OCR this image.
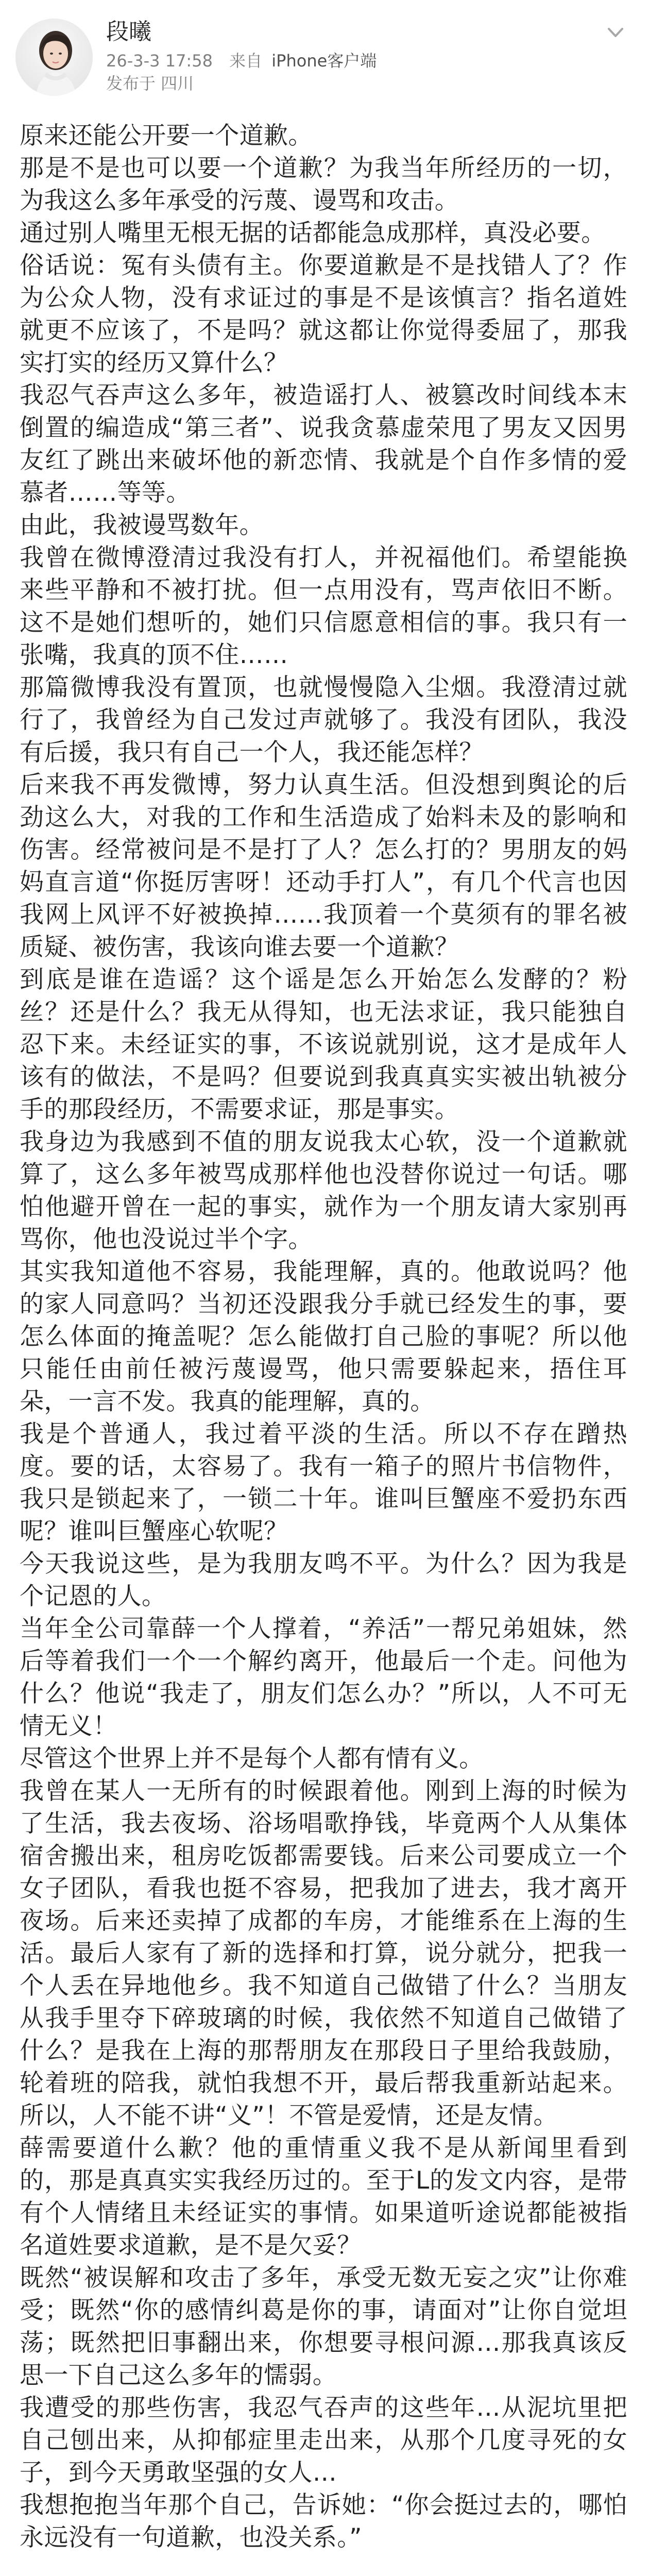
段曦
26-3-3 17:58 来自 iPhone客户端
发布于 四川

原来还能公开要一个道歉。

那是不是也可以要一个道歉？为我当年所经历的一切，为我这么多年承受的污蔑、谩骂和攻击。

通过别人嘴里无根无据的话都能急成那样，真没必要。

俗话说：冤有头债有主。你要道歉是不是找错人了？作为公众人物，没有求证过的事是不是该慎言？指名道姓就更不应该了，不是吗？就这都让你觉得委屈了，那我实打实的经历又算什么？

我忍气吞声这么多年，被造谣打人、被篡改时间线本末倒置的编造成“第三者”、说我贪慕虚荣甩了男友又因男友红了跳出来破坏他的新恋情、我就是个自作多情的爱慕者……等等。

由此，我被谩骂数年。

我曾在微博澄清过我没有打人，并祝福他们。希望能换来些平静和不被打扰。但一点用没有，骂声依旧不断。这不是她们想听的，她们只信愿意相信的事。我只有一张嘴，我真的顶不住……

那篇微博我没有置顶，也就慢慢隐入尘烟。我澄清过就行了，我曾经为自己发过声就够了。我没有团队，我没有后援，我只有自己一个人，我还能怎样？

后来我不再发微博，努力认真生活。但没想到舆论的后劲这么大，对我的工作和生活造成了始料未及的影响和伤害。经常被问是不是打了人？怎么打的？男朋友的妈妈直言道“你挺厉害呀！还动手打人”，有几个代言也因我网上风评不好被换掉……我顶着一个莫须有的罪名被质疑、被伤害，我该向谁去要一个道歉？

到底是谁在造谣？这个谣是怎么开始怎么发酵的？粉丝？还是什么？我无从得知，也无法求证，我只能独自忍下来。未经证实的事，不该说就别说，这才是成年人该有的做法，不是吗？但要说到我真真实实被出轨被分手的那段经历，不需要求证，那是事实。

我身边为我感到不值的朋友说我太心软，没一个道歉就算了，这么多年被骂成那样他也没替你说过一句话。哪怕他避开曾在一起的事实，就作为一个朋友请大家别再骂你，他也没说过半个字。

其实我知道他不容易，我能理解，真的。他敢说吗？他的家人同意吗？当初还没跟我分手就已经发生的事，要怎么体面的掩盖呢？怎么能做打自己脸的事呢？所以他只能任由前任被污蔑谩骂，他只需要躲起来，捂住耳朵，一言不发。我真的能理解，真的。

我是个普通人，我过着平淡的生活。所以不存在蹭热度。要的话，太容易了。我有一箱子的照片书信物件，我只是锁起来了，一锁二十年。谁叫巨蟹座不爱扔东西呢？谁叫巨蟹座心软呢？

今天我说这些，是为我朋友鸣不平。为什么？因为我是个记恩的人。

当年全公司靠薛一个人撑着，“养活”一帮兄弟姐妹，然后等着我们一个一个解约离开，他最后一个走。问他为什么？他说“我走了，朋友们怎么办？”所以，人不可无情无义！

尽管这个世界上并不是每个人都有情有义。

我曾在某人一无所有的时候跟着他。刚到上海的时候为了生活，我去夜场、浴场唱歌挣钱，毕竟两个人从集体宿舍搬出来，租房吃饭都需要钱。后来公司要成立一个女子团队，看我也挺不容易，把我加了进去，我才离开夜场。后来还卖掉了成都的车房，才能维系在上海的生活。最后人家有了新的选择和打算，说分就分，把我一个人丢在异地他乡。我不知道自己做错了什么？当朋友从我手里夺下碎玻璃的时候，我依然不知道自己做错了什么？是我在上海的那帮朋友在那段日子里给我鼓励，轮着班的陪我，就怕我想不开，最后帮我重新站起来。所以，人不能不讲“义”！不管是爱情，还是友情。

薛需要道什么歉？他的重情重义我不是从新闻里看到的，那是真真实实我经历过的。至于L的发文内容，是带有个人情绪且未经证实的事情。如果道听途说都能被指名道姓要求道歉，是不是欠妥？

既然“被误解和攻击了多年，承受无数无妄之灾”让你难受；既然“你的感情纠葛是你的事，请面对”让你自觉坦荡；既然把旧事翻出来，你想要寻根问源…那我真该反思一下自己这么多年的懦弱。

我遭受的那些伤害，我忍气吞声的这些年…从泥坑里把自己刨出来，从抑郁症里走出来，从那个几度寻死的女子，到今天勇敢坚强的女人…

我想抱抱当年那个自己，告诉她：“你会挺过去的，哪怕永远没有一句道歉，也没关系。”
